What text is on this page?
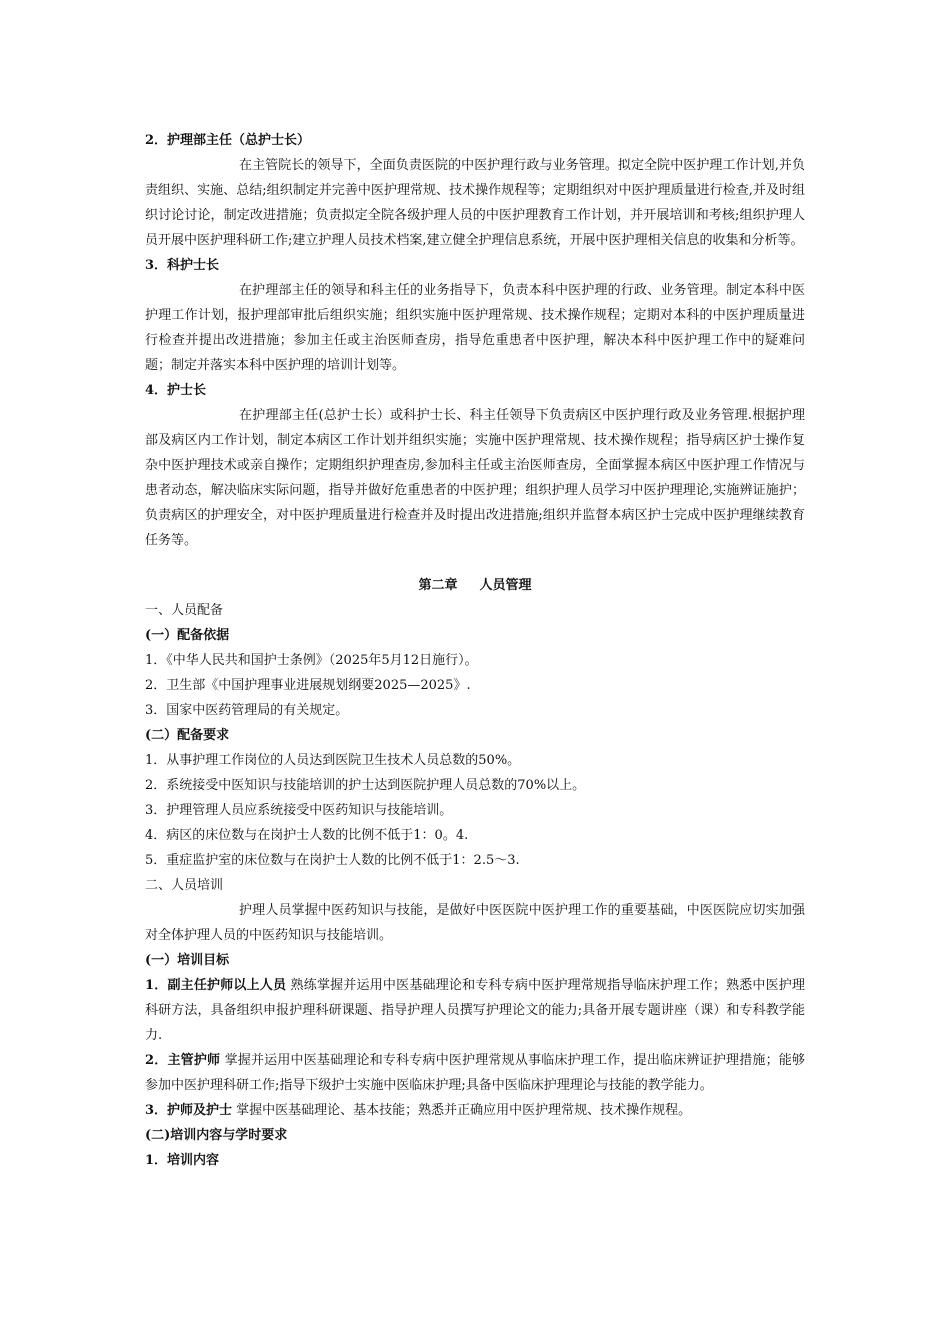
2．护理部主任（总护士长）

在主管院长的领导下，全面负责医院的中医护理行政与业务管理。拟定全院中医护理工作计划,并负责组织、实施、总结;组织制定并完善中医护理常规、技术操作规程等；定期组织对中医护理质量进行检查,并及时组织讨论讨论，制定改进措施；负责拟定全院各级护理人员的中医护理教育工作计划，并开展培训和考核;组织护理人员开展中医护理科研工作;建立护理人员技术档案,建立健全护理信息系统，开展中医护理相关信息的收集和分析等。

3．科护士长

在护理部主任的领导和科主任的业务指导下，负责本科中医护理的行政、业务管理。制定本科中医护理工作计划，报护理部审批后组织实施；组织实施中医护理常规、技术操作规程；定期对本科的中医护理质量进行检查并提出改进措施；参加主任或主治医师查房，指导危重患者中医护理，解决本科中医护理工作中的疑难问题；制定并落实本科中医护理的培训计划等。

4．护士长

在护理部主任(总护士长）或科护士长、科主任领导下负责病区中医护理行政及业务管理.根据护理部及病区内工作计划，制定本病区工作计划并组织实施；实施中医护理常规、技术操作规程；指导病区护士操作复杂中医护理技术或亲自操作；定期组织护理查房,参加科主任或主治医师查房，全面掌握本病区中医护理工作情况与患者动态，解决临床实际问题，指导并做好危重患者的中医护理；组织护理人员学习中医护理理论,实施辨证施护；负责病区的护理安全，对中医护理质量进行检查并及时提出改进措施;组织并监督本病区护士完成中医护理继续教育任务等。

第二章 人员管理

一、人员配备

(一）配备依据

1．《中华人民共和国护士条例》（2025年5月12日施行）。

2．卫生部《中国护理事业进展规划纲要2025—2025》.

3．国家中医药管理局的有关规定。

(二）配备要求

1．从事护理工作岗位的人员达到医院卫生技术人员总数的50%。

2．系统接受中医知识与技能培训的护士达到医院护理人员总数的70%以上。

3．护理管理人员应系统接受中医药知识与技能培训。

4．病区的床位数与在岗护士人数的比例不低于1：0。4.

5．重症监护室的床位数与在岗护士人数的比例不低于1：2.5～3.

二、人员培训

护理人员掌握中医药知识与技能，是做好中医医院中医护理工作的重要基础，中医医院应切实加强对全体护理人员的中医药知识与技能培训。

(一）培训目标

1．副主任护师以上人员 熟练掌握并运用中医基础理论和专科专病中医护理常规指导临床护理工作；熟悉中医护理科研方法，具备组织申报护理科研课题、指导护理人员撰写护理论文的能力;具备开展专题讲座（课）和专科教学能力.

2．主管护师 掌握并运用中医基础理论和专科专病中医护理常规从事临床护理工作，提出临床辨证护理措施；能够参加中医护理科研工作;指导下级护士实施中医临床护理;具备中医临床护理理论与技能的教学能力。

3．护师及护士 掌握中医基础理论、基本技能；熟悉并正确应用中医护理常规、技术操作规程。

(二)培训内容与学时要求

1．培训内容
